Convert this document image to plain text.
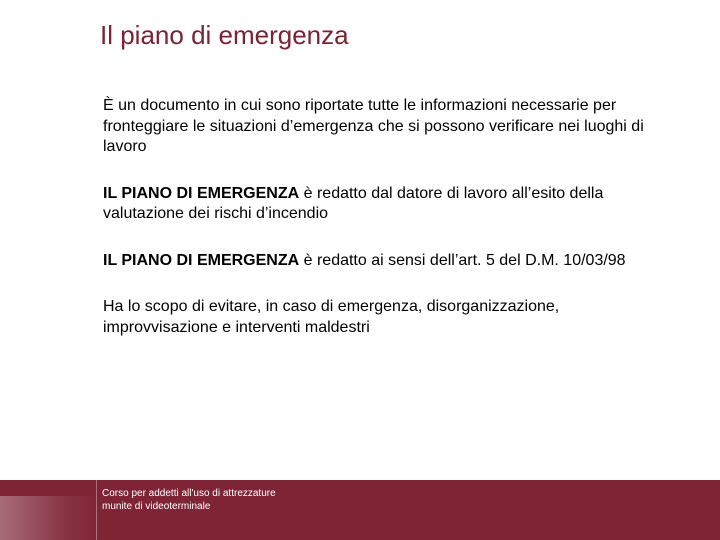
Il piano di emergenza

È un documento in cui sono riportate tutte le informazioni necessarie per fronteggiare le situazioni d’emergenza che si possono verificare nei luoghi di lavoro

IL PIANO DI EMERGENZA è redatto dal datore di lavoro all’esito della valutazione dei rischi d’incendio

IL PIANO DI EMERGENZA è redatto ai sensi dell’art. 5 del D.M. 10/03/98

Ha lo scopo di evitare, in caso di emergenza, disorganizzazione, improvvisazione e interventi maldestri

Corso per addetti all'uso di attrezzature
munite di videoterminale
